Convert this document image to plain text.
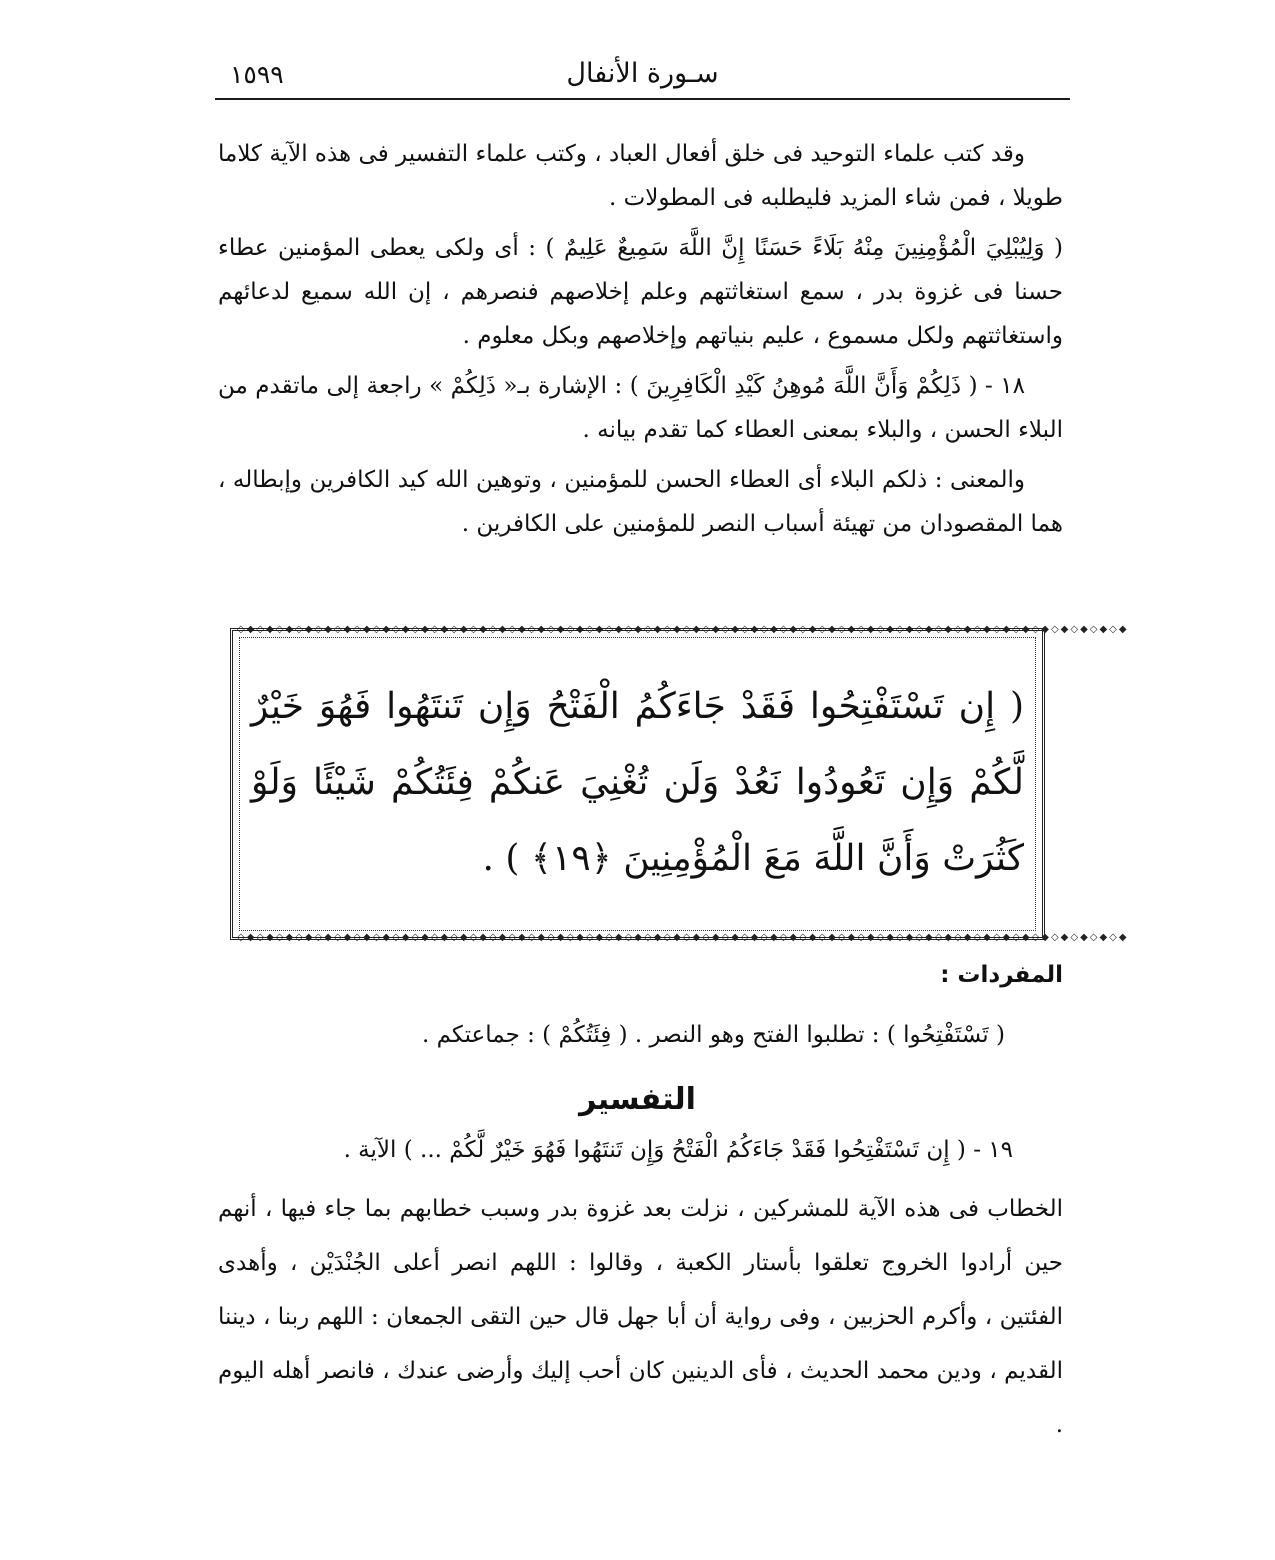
سـورة الأنفال
١٥٩٩

وقد كتب علماء التوحيد فى خلق أفعال العباد ، وكتب علماء التفسير فى هذه الآية كلاما طويلا ، فمن شاء المزيد فليطلبه فى المطولات .

( وَلِيُبْلِيَ الْمُؤْمِنِينَ مِنْهُ بَلَاءً حَسَنًا إِنَّ اللَّهَ سَمِيعٌ عَلِيمٌ ) : أى ولكى يعطى المؤمنين عطاء حسنا فى غزوة بدر ، سمع استغاثتهم وعلم إخلاصهم فنصرهم ، إن الله سميع لدعائهم واستغاثتهم ولكل مسموع ، عليم بنياتهم وإخلاصهم وبكل معلوم .

١٨ - ( ذَلِكُمْ وَأَنَّ اللَّهَ مُوهِنُ كَيْدِ الْكَافِرِينَ ) : الإشارة بـ« ذَلِكُمْ » راجعة إلى ماتقدم من البلاء الحسن ، والبلاء بمعنى العطاء كما تقدم بيانه .

والمعنى : ذلكم البلاء أى العطاء الحسن للمؤمنين ، وتوهين الله كيد الكافرين وإبطاله ، هما المقصودان من تهيئة أسباب النصر للمؤمنين على الكافرين .

◇◆◇◆◇◆◇◆◇◆◇◆◇◆◇◆◇◆◇◆◇◆◇◆◇◆◇◆◇◆◇◆◇◆◇◆◇◆◇◆◇◆◇◆◇◆◇◆◇◆◇◆◇◆◇◆◇◆◇◆◇◆◇◆◇◆◇◆◇◆◇◆◇◆◇◆◇◆◇◆◇◆◇◆◇◆◇◆◇◆◇◆
( إِن تَسْتَفْتِحُوا فَقَدْ جَاءَكُمُ الْفَتْحُ وَإِن تَنتَهُوا فَهُوَ خَيْرٌ لَّكُمْ وَإِن تَعُودُوا نَعُدْ وَلَن تُغْنِيَ عَنكُمْ فِئَتُكُمْ شَيْئًا وَلَوْ كَثُرَتْ وَأَنَّ اللَّهَ مَعَ الْمُؤْمِنِينَ ﴿١٩﴾ ) .
◇◆◇◆◇◆◇◆◇◆◇◆◇◆◇◆◇◆◇◆◇◆◇◆◇◆◇◆◇◆◇◆◇◆◇◆◇◆◇◆◇◆◇◆◇◆◇◆◇◆◇◆◇◆◇◆◇◆◇◆◇◆◇◆◇◆◇◆◇◆◇◆◇◆◇◆◇◆◇◆◇◆◇◆◇◆◇◆◇◆◇◆
المفردات :
( تَسْتَفْتِحُوا ) : تطلبوا الفتح وهو النصر . ( فِئَتُكُمْ ) : جماعتكم .
التفسير
١٩ - ( إِن تَسْتَفْتِحُوا فَقَدْ جَاءَكُمُ الْفَتْحُ وَإِن تَنتَهُوا فَهُوَ خَيْرٌ لَّكُمْ ... ) الآية .
الخطاب فى هذه الآية للمشركين ، نزلت بعد غزوة بدر وسبب خطابهم بما جاء فيها ، أنهم حين أرادوا الخروج تعلقوا بأستار الكعبة ، وقالوا : اللهم انصر أعلى الجُنْدَيْن ، وأهدى الفئتين ، وأكرم الحزبين ، وفى رواية أن أبا جهل قال حين التقى الجمعان : اللهم ربنا ، ديننا القديم ، ودين محمد الحديث ، فأى الدينين كان أحب إليك وأرضى عندك ، فانصر أهله اليوم .
